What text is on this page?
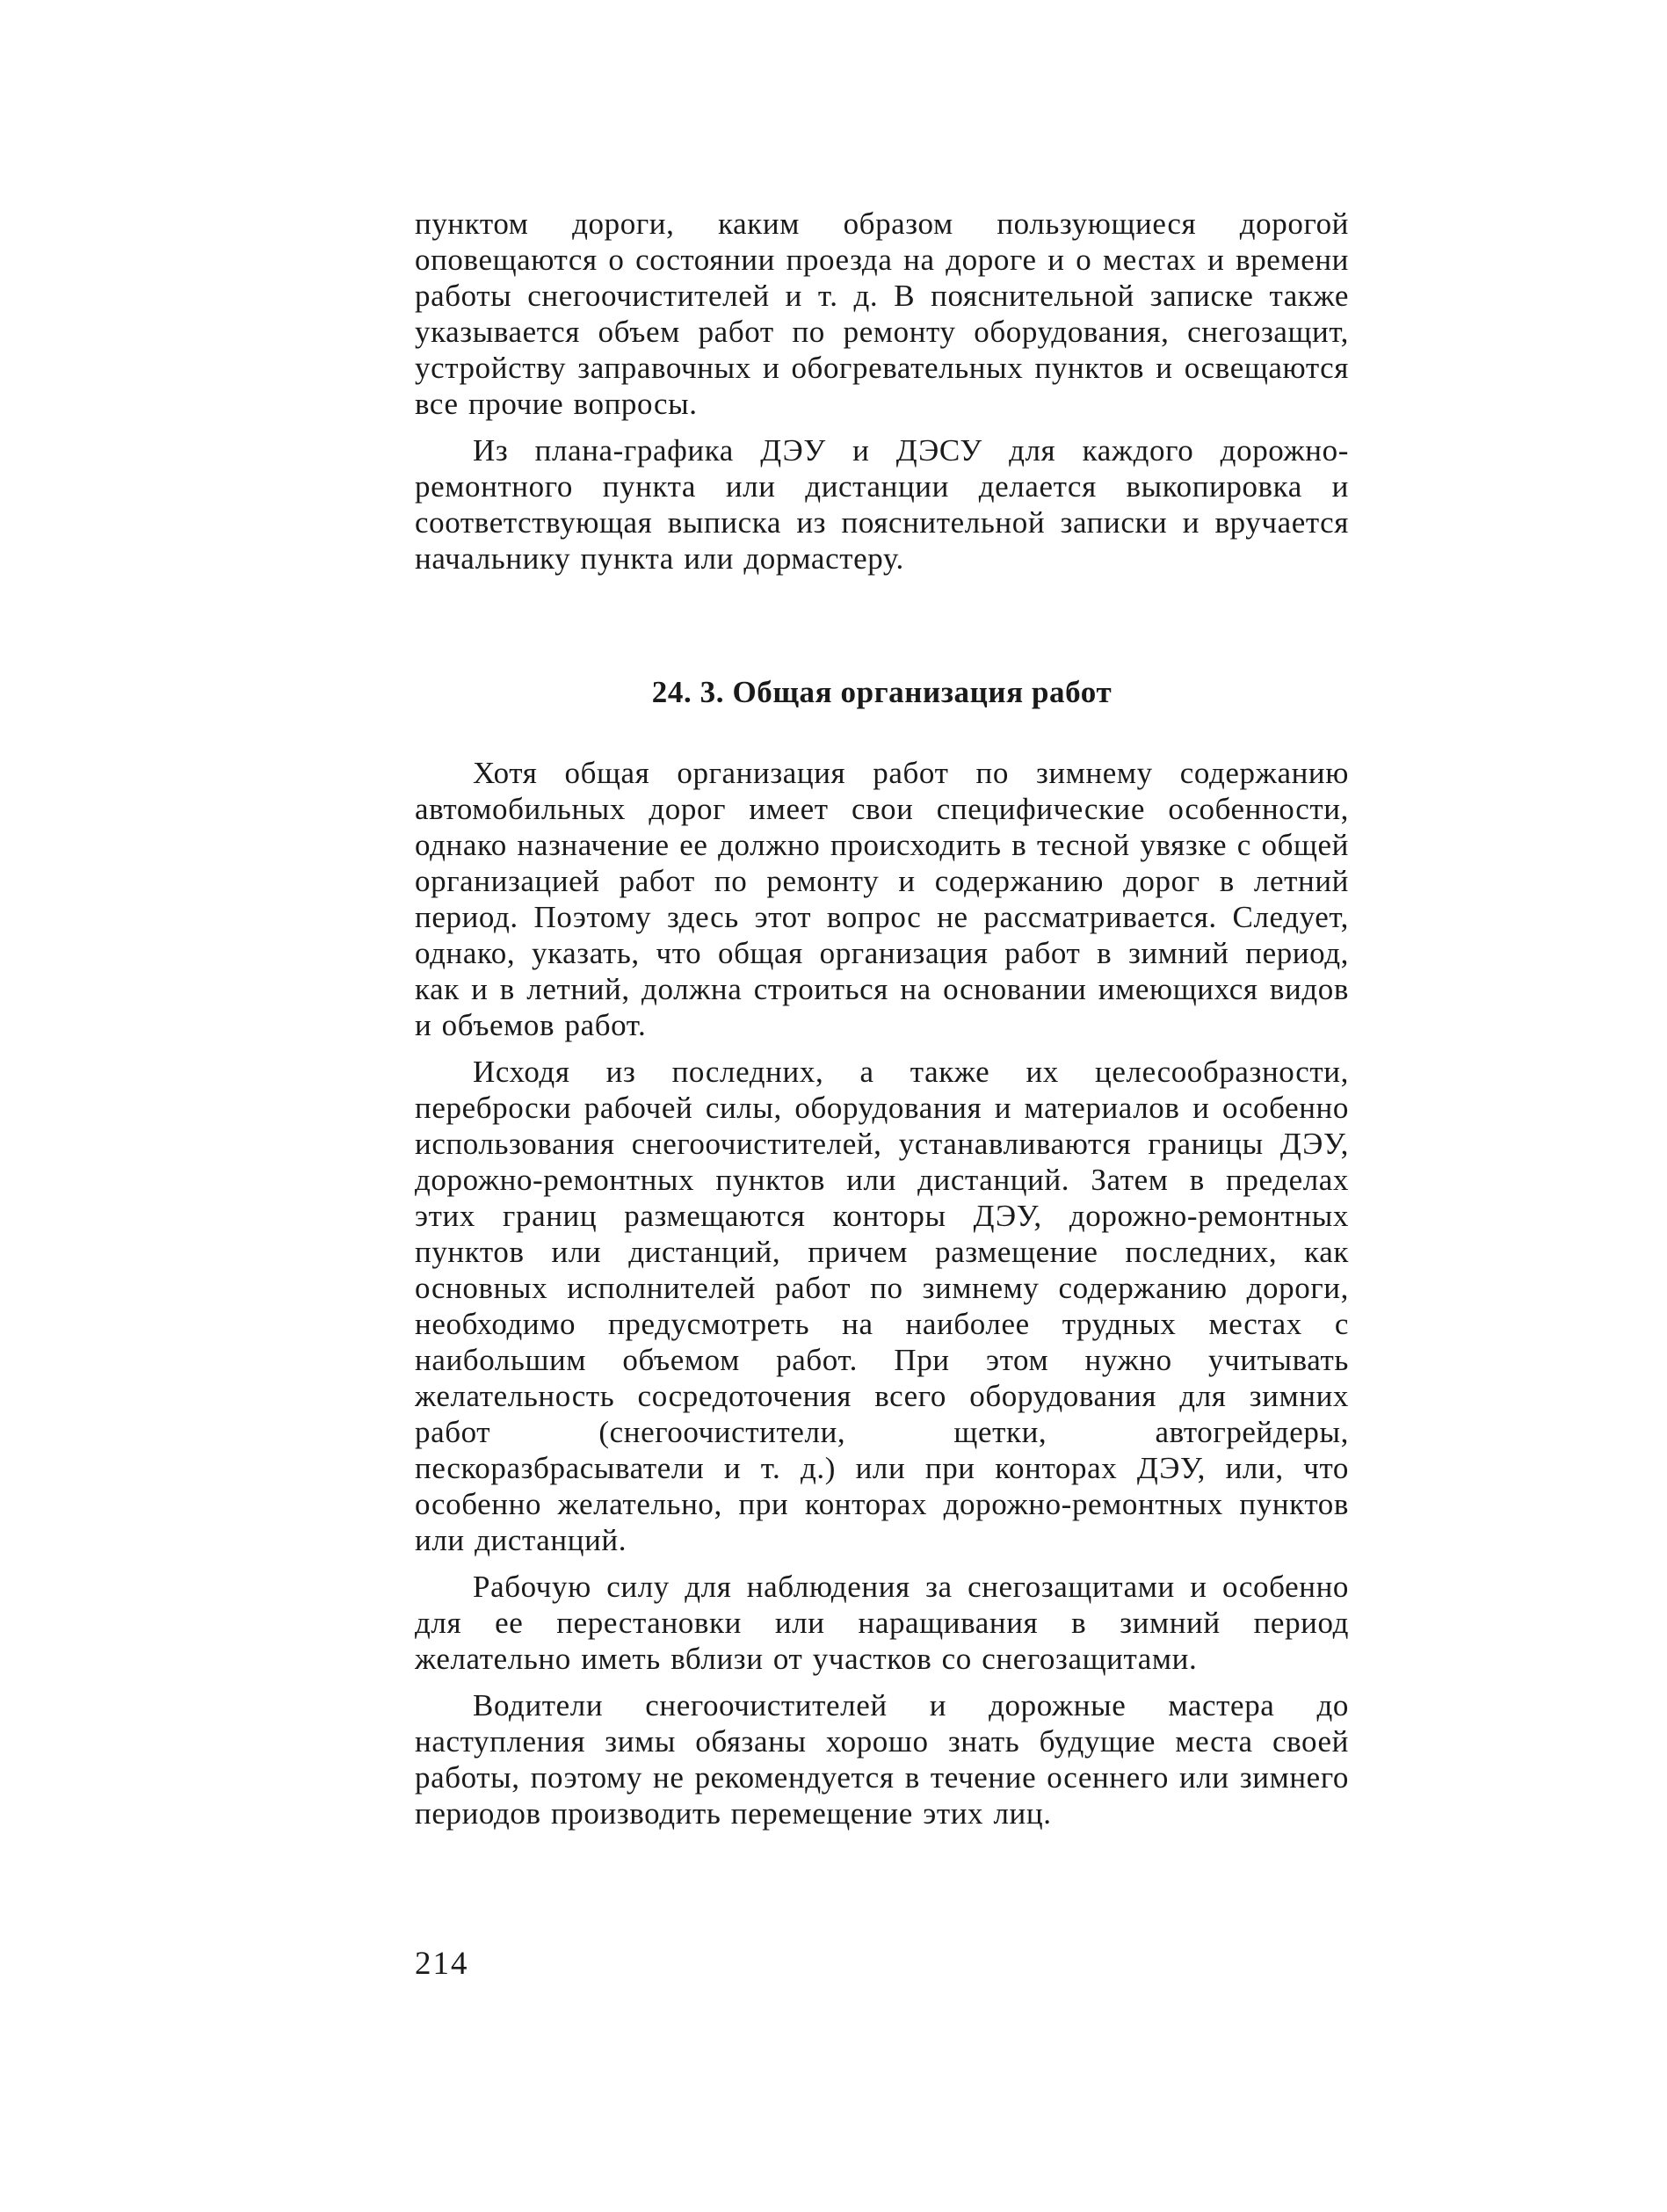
пунктом дороги, каким образом пользующиеся дорогой оповещаются о состоянии проезда на дороге и о местах и времени работы снегоочистителей и т. д. В пояснительной записке также указывается объем работ по ремонту оборудования, снегозащит, устройству заправочных и обогревательных пунктов и освещаются все прочие вопросы.

Из плана-графика ДЭУ и ДЭСУ для каждого дорожно-ремонтного пункта или дистанции делается выкопировка и соответствующая выписка из пояснительной записки и вручается начальнику пункта или дормастеру.

24. 3. Общая организация работ

Хотя общая организация работ по зимнему содержанию автомобильных дорог имеет свои специфические особенности, однако назначение ее должно происходить в тесной увязке с общей организацией работ по ремонту и содержанию дорог в летний период. Поэтому здесь этот вопрос не рассматривается. Следует, однако, указать, что общая организация работ в зимний период, как и в летний, должна строиться на основании имеющихся видов и объемов работ.

Исходя из последних, а также их целесообразности, переброски рабочей силы, оборудования и материалов и особенно использования снегоочистителей, устанавливаются границы ДЭУ, дорожно-ремонтных пунктов или дистанций. Затем в пределах этих границ размещаются конторы ДЭУ, дорожно-ремонтных пунктов или дистанций, причем размещение последних, как основных исполнителей работ по зимнему содержанию дороги, необходимо предусмотреть на наиболее трудных местах с наибольшим объемом работ. При этом нужно учитывать желательность сосредоточения всего оборудования для зимних работ (снегоочистители, щетки, автогрейдеры, пескоразбрасыватели и т. д.) или при конторах ДЭУ, или, что особенно желательно, при конторах дорожно-ремонтных пунктов или дистанций.

Рабочую силу для наблюдения за снегозащитами и особенно для ее перестановки или наращивания в зимний период желательно иметь вблизи от участков со снегозащитами.

Водители снегоочистителей и дорожные мастера до наступления зимы обязаны хорошо знать будущие места своей работы, поэтому не рекомендуется в течение осеннего или зимнего периодов производить перемещение этих лиц.

214
